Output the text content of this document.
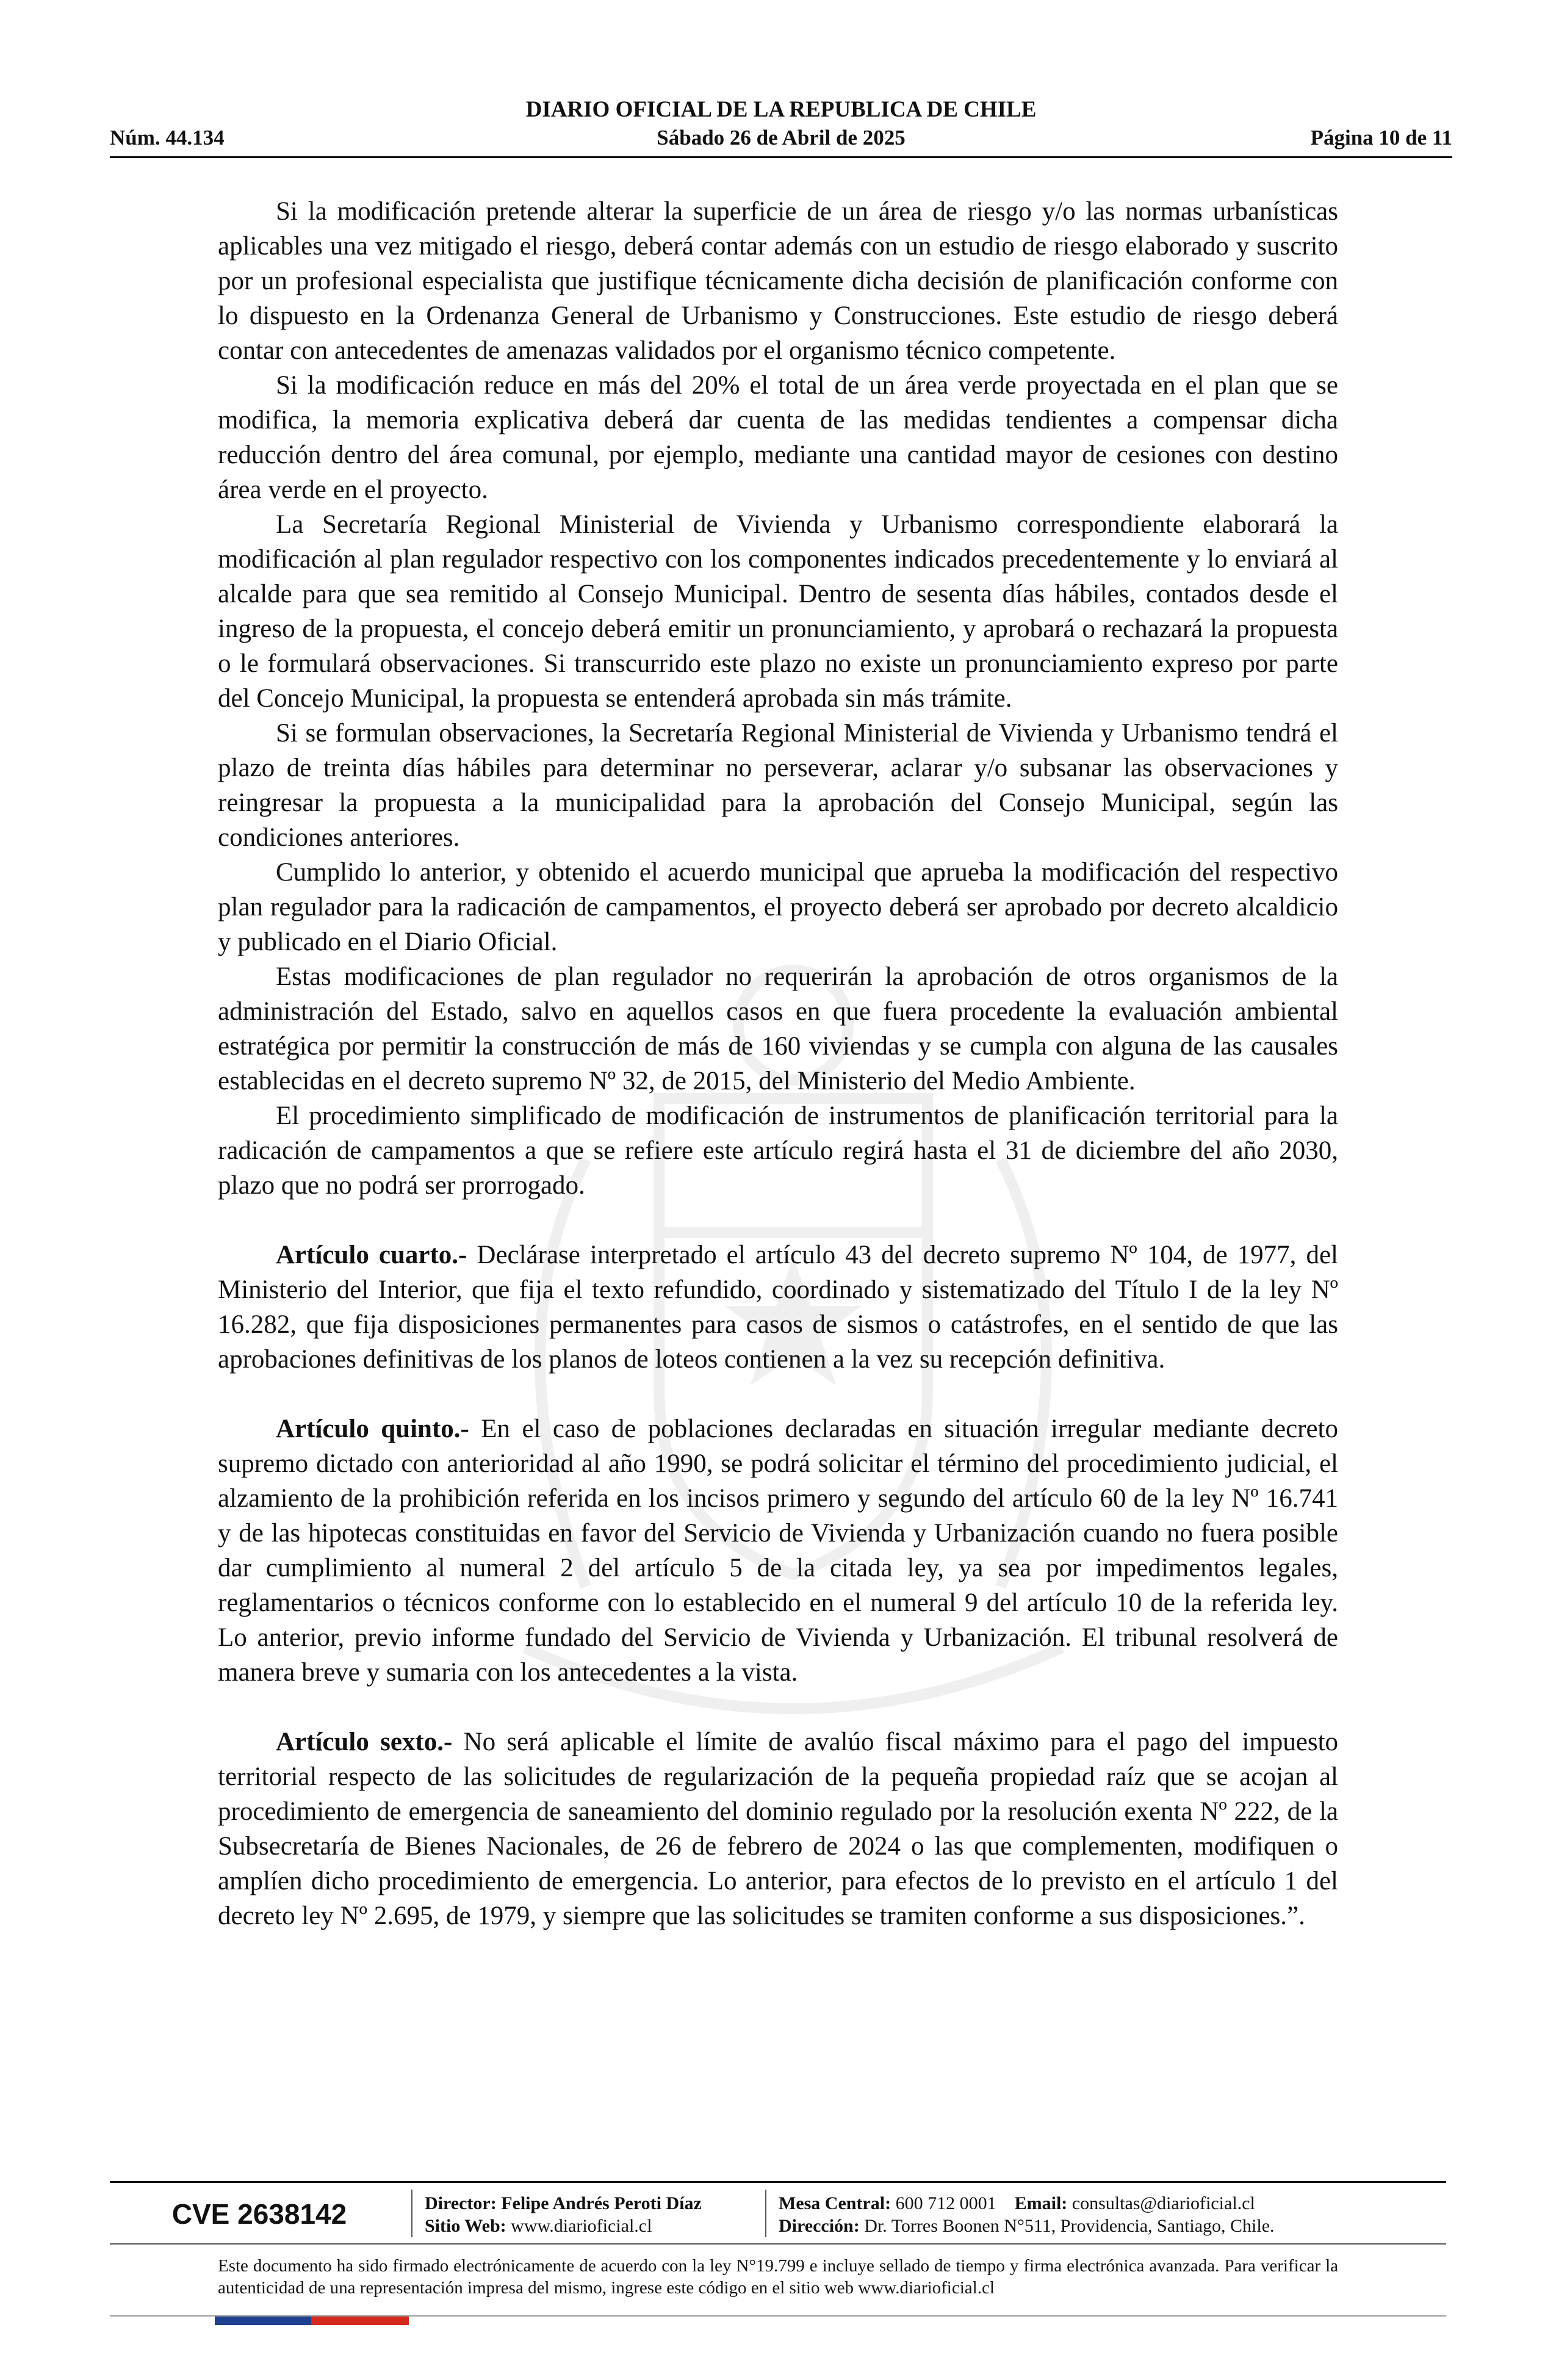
DIARIO OFICIAL DE LA REPUBLICA DE CHILE
Núm. 44.134	Sábado 26 de Abril de 2025	Página 10 de 11

Si la modificación pretende alterar la superficie de un área de riesgo y/o las normas urbanísticas aplicables una vez mitigado el riesgo, deberá contar además con un estudio de riesgo elaborado y suscrito por un profesional especialista que justifique técnicamente dicha decisión de planificación conforme con lo dispuesto en la Ordenanza General de Urbanismo y Construcciones. Este estudio de riesgo deberá contar con antecedentes de amenazas validados por el organismo técnico competente.

Si la modificación reduce en más del 20% el total de un área verde proyectada en el plan que se modifica, la memoria explicativa deberá dar cuenta de las medidas tendientes a compensar dicha reducción dentro del área comunal, por ejemplo, mediante una cantidad mayor de cesiones con destino área verde en el proyecto.

La Secretaría Regional Ministerial de Vivienda y Urbanismo correspondiente elaborará la modificación al plan regulador respectivo con los componentes indicados precedentemente y lo enviará al alcalde para que sea remitido al Consejo Municipal. Dentro de sesenta días hábiles, contados desde el ingreso de la propuesta, el concejo deberá emitir un pronunciamiento, y aprobará o rechazará la propuesta o le formulará observaciones. Si transcurrido este plazo no existe un pronunciamiento expreso por parte del Concejo Municipal, la propuesta se entenderá aprobada sin más trámite.

Si se formulan observaciones, la Secretaría Regional Ministerial de Vivienda y Urbanismo tendrá el plazo de treinta días hábiles para determinar no perseverar, aclarar y/o subsanar las observaciones y reingresar la propuesta a la municipalidad para la aprobación del Consejo Municipal, según las condiciones anteriores.

Cumplido lo anterior, y obtenido el acuerdo municipal que aprueba la modificación del respectivo plan regulador para la radicación de campamentos, el proyecto deberá ser aprobado por decreto alcaldicio y publicado en el Diario Oficial.

Estas modificaciones de plan regulador no requerirán la aprobación de otros organismos de la administración del Estado, salvo en aquellos casos en que fuera procedente la evaluación ambiental estratégica por permitir la construcción de más de 160 viviendas y se cumpla con alguna de las causales establecidas en el decreto supremo Nº 32, de 2015, del Ministerio del Medio Ambiente.

El procedimiento simplificado de modificación de instrumentos de planificación territorial para la radicación de campamentos a que se refiere este artículo regirá hasta el 31 de diciembre del año 2030, plazo que no podrá ser prorrogado.

Artículo cuarto.- Declárase interpretado el artículo 43 del decreto supremo Nº 104, de 1977, del Ministerio del Interior, que fija el texto refundido, coordinado y sistematizado del Título I de la ley Nº 16.282, que fija disposiciones permanentes para casos de sismos o catástrofes, en el sentido de que las aprobaciones definitivas de los planos de loteos contienen a la vez su recepción definitiva.

Artículo quinto.- En el caso de poblaciones declaradas en situación irregular mediante decreto supremo dictado con anterioridad al año 1990, se podrá solicitar el término del procedimiento judicial, el alzamiento de la prohibición referida en los incisos primero y segundo del artículo 60 de la ley Nº 16.741 y de las hipotecas constituidas en favor del Servicio de Vivienda y Urbanización cuando no fuera posible dar cumplimiento al numeral 2 del artículo 5 de la citada ley, ya sea por impedimentos legales, reglamentarios o técnicos conforme con lo establecido en el numeral 9 del artículo 10 de la referida ley. Lo anterior, previo informe fundado del Servicio de Vivienda y Urbanización. El tribunal resolverá de manera breve y sumaria con los antecedentes a la vista.

Artículo sexto.- No será aplicable el límite de avalúo fiscal máximo para el pago del impuesto territorial respecto de las solicitudes de regularización de la pequeña propiedad raíz que se acojan al procedimiento de emergencia de saneamiento del dominio regulado por la resolución exenta Nº 222, de la Subsecretaría de Bienes Nacionales, de 26 de febrero de 2024 o las que complementen, modifiquen o amplíen dicho procedimiento de emergencia. Lo anterior, para efectos de lo previsto en el artículo 1 del decreto ley Nº 2.695, de 1979, y siempre que las solicitudes se tramiten conforme a sus disposiciones.”.

CVE 2638142	Director: Felipe Andrés Peroti Díaz
Sitio Web: www.diarioficial.cl
Mesa Central: 600 712 0001 Email: consultas@diarioficial.cl
Dirección: Dr. Torres Boonen N°511, Providencia, Santiago, Chile.
Este documento ha sido firmado electrónicamente de acuerdo con la ley N°19.799 e incluye sellado de tiempo y firma electrónica avanzada. Para verificar la autenticidad de una representación impresa del mismo, ingrese este código en el sitio web www.diarioficial.cl
